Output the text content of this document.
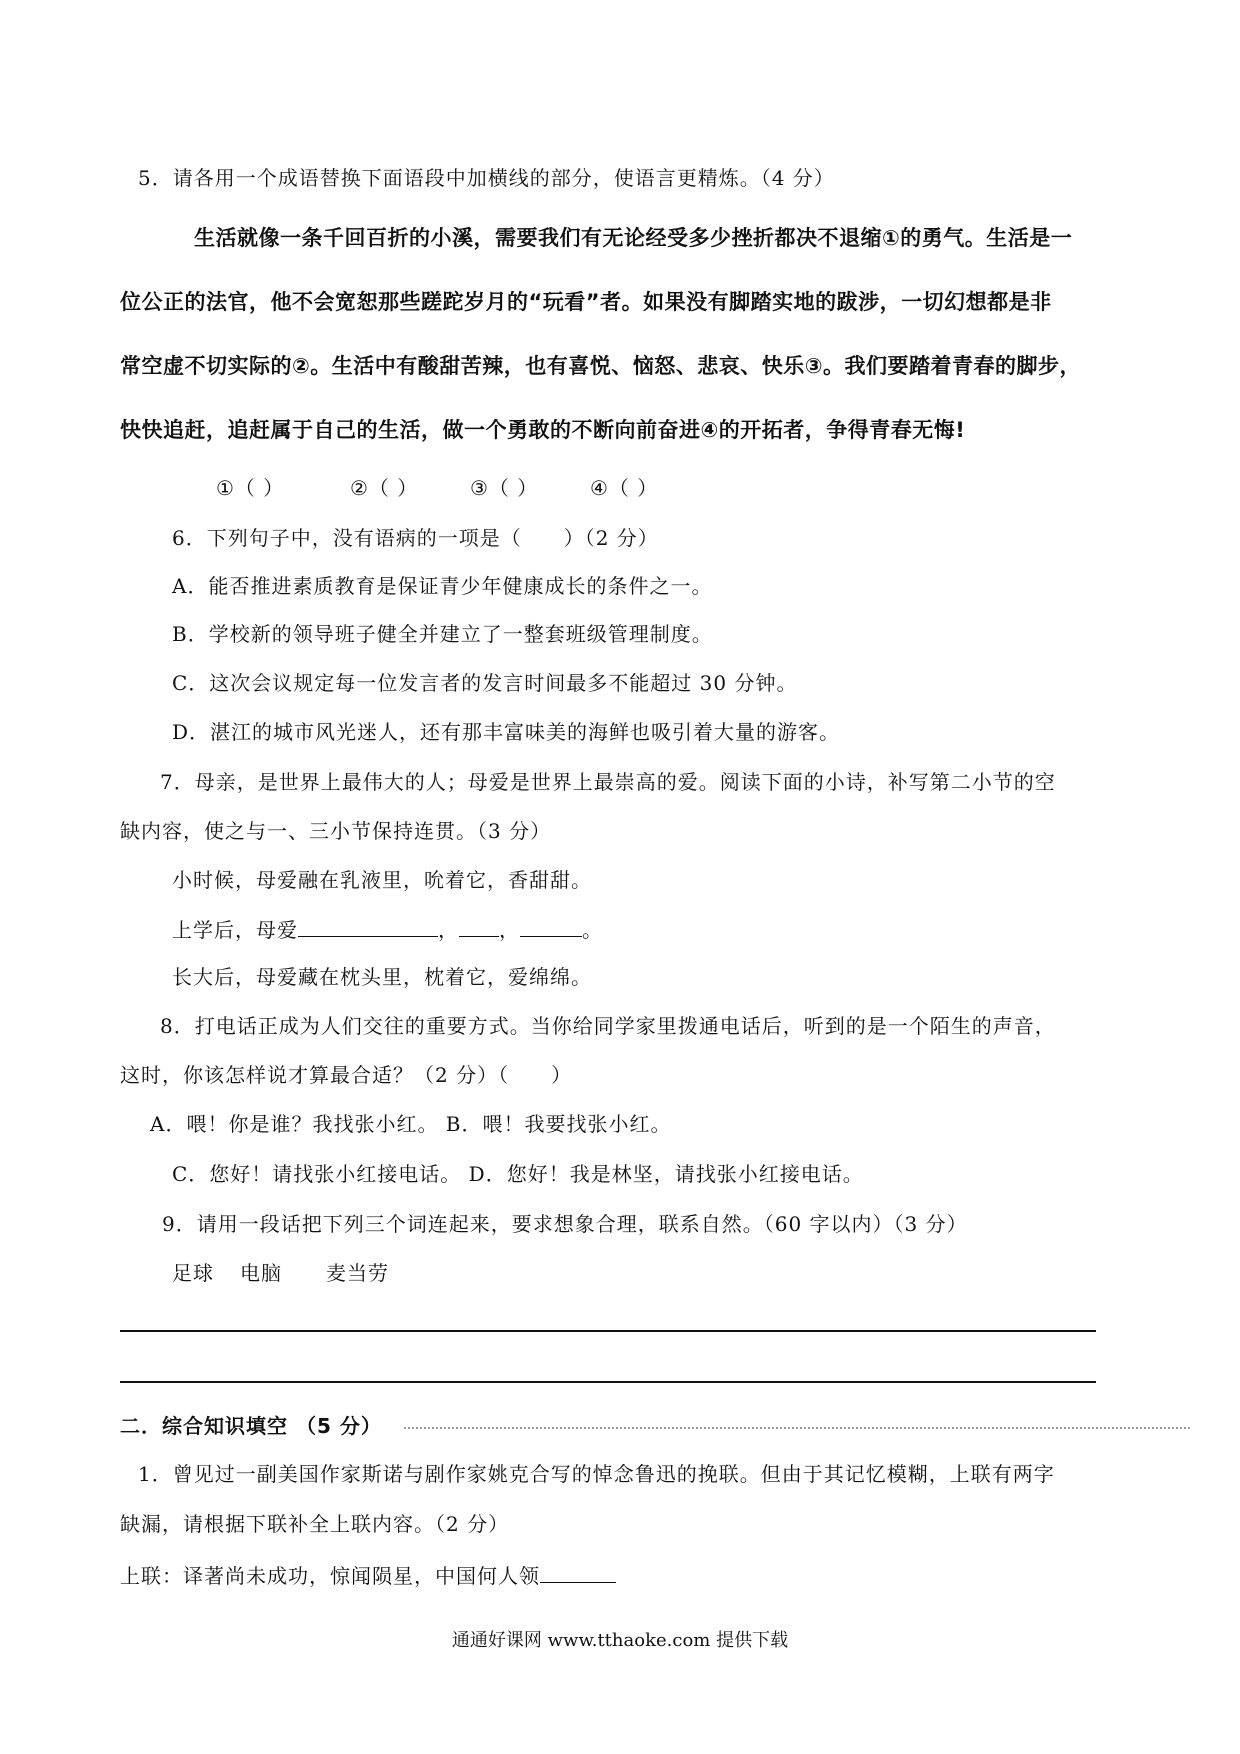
5．请各用一个成语替换下面语段中加横线的部分，使语言更精炼。（4 分）
生活就像一条千回百折的小溪，需要我们有无论经受多少挫折都决不退缩①的勇气。生活是一
位公正的法官，他不会宽恕那些蹉跎岁月的“玩看”者。如果没有脚踏实地的跋涉，一切幻想都是非
常空虚不切实际的②。生活中有酸甜苦辣，也有喜悦、恼怒、悲哀、快乐③。我们要踏着青春的脚步，
快快追赶，追赶属于自己的生活，做一个勇敢的不断向前奋进④的开拓者，争得青春无悔!
①（ ）	②（ ）	③（ ）	④（ ）
6．下列句子中，没有语病的一项是（　　）（2 分）
A．能否推进素质教育是保证青少年健康成长的条件之一。
B．学校新的领导班子健全并建立了一整套班级管理制度。
C．这次会议规定每一位发言者的发言时间最多不能超过 30 分钟。
D．湛江的城市风光迷人，还有那丰富味美的海鲜也吸引着大量的游客。
7．母亲，是世界上最伟大的人；母爱是世界上最崇高的爱。阅读下面的小诗，补写第二小节的空
缺内容，使之与一、三小节保持连贯。（3 分）
小时候，母爱融在乳液里，吮着它，香甜甜。
上学后，母爱	， ，	。
长大后，母爱藏在枕头里，枕着它，爱绵绵。
8．打电话正成为人们交往的重要方式。当你给同学家里拨通电话后，听到的是一个陌生的声音，
这时，你该怎样说才算最合适？（2 分）（　　）
A．喂！你是谁？我找张小红。 B．喂！我要找张小红。
C．您好！请找张小红接电话。 D．您好！我是林坚，请找张小红接电话。
9．请用一段话把下列三个词连起来，要求想象合理，联系自然。（60 字以内）（3 分）
足球 电脑 麦当劳
二．综合知识填空 （5 分）
1．曾见过一副美国作家斯诺与剧作家姚克合写的悼念鲁迅的挽联。但由于其记忆模糊，上联有两字
缺漏，请根据下联补全上联内容。（2 分）
上联：译著尚未成功，惊闻陨星，中国何人领
通通好课网 www.tthaoke.com 提供下载
